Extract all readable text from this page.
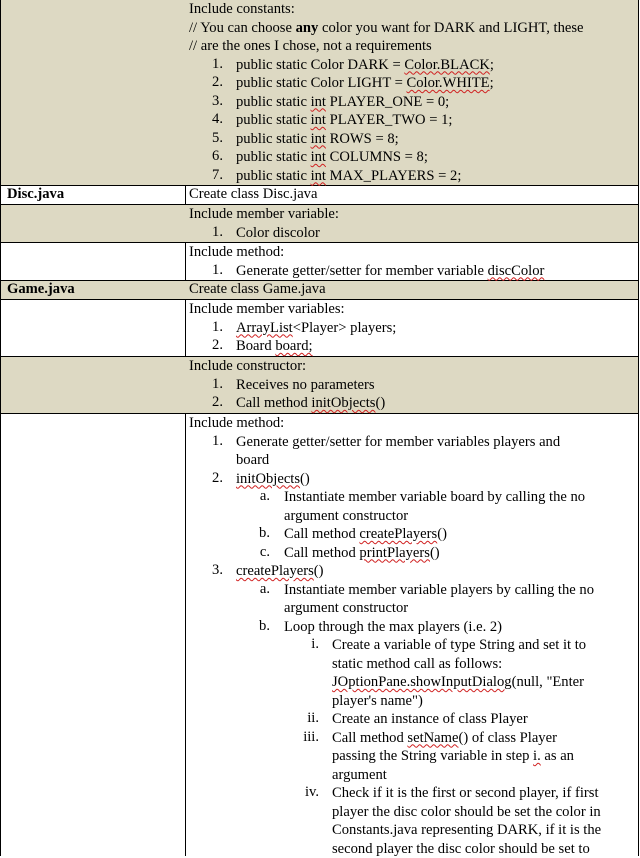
Include constants:
// You can choose any color you want for DARK and LIGHT, these
// are the ones I chose, not a requirements
1. public static Color DARK = Color.BLACK;
2. public static Color LIGHT = Color.WHITE;
3. public static int PLAYER_ONE = 0;
4. public static int PLAYER_TWO = 1;
5. public static int ROWS = 8;
6. public static int COLUMNS = 8;
7. public static int MAX_PLAYERS = 2;
Disc.java	Create class Disc.java
Include member variable:
1. Color discolor
Include method:
1. Generate getter/setter for member variable discColor
Game.java	Create class Game.java
Include member variables:
1. ArrayList<Player> players;
2. Board board;
Include constructor:
1. Receives no parameters
2. Call method initObjects()
Include method:
1. Generate getter/setter for member variables players and
board
2. initObjects()
a. Instantiate member variable board by calling the no
argument constructor
b. Call method createPlayers()
c. Call method printPlayers()
3. createPlayers()
a. Instantiate member variable players by calling the no
argument constructor
b. Loop through the max players (i.e. 2)
i. Create a variable of type String and set it to
static method call as follows:
JOptionPane.showInputDialog(null, "Enter
player's name")
ii. Create an instance of class Player
iii. Call method setName() of class Player
passing the String variable in step i. as an
argument
iv. Check if it is the first or second player, if first
player the disc color should be set the color in
Constants.java representing DARK, if it is the
second player the disc color should be set to
